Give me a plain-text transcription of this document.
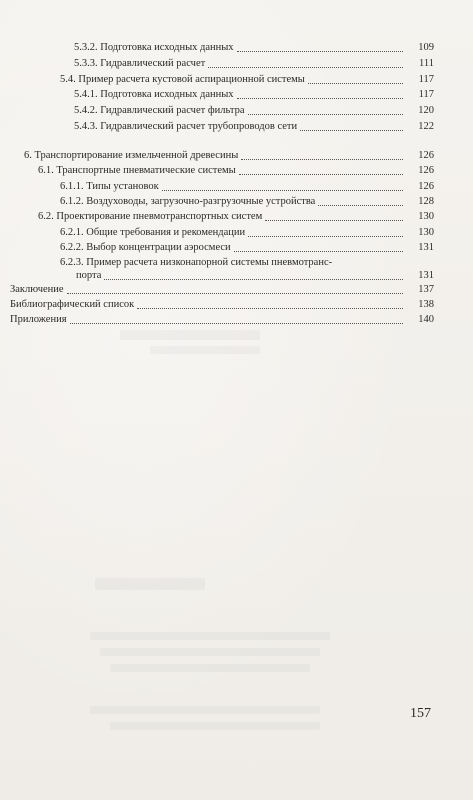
5.3.2. Подготовка исходных данных	109
5.3.3. Гидравлический расчет	111
5.4. Пример расчета кустовой аспирационной системы	117
5.4.1. Подготовка исходных данных	117
5.4.2. Гидравлический расчет фильтра	120
5.4.3. Гидравлический расчет трубопроводов сети	122
6. Транспортирование измельченной древесины	126
6.1. Транспортные пневматические системы	126
6.1.1. Типы установок	126
6.1.2. Воздуховоды, загрузочно-разгрузочные устройства	128
6.2. Проектирование пневмотранспортных систем	130
6.2.1. Общие требования и рекомендации	130
6.2.2. Выбор концентрации аэросмеси	131
6.2.3. Пример расчета низконапорной системы пневмотранс-
порта	131
Заключение	137
Библиографический список	138
Приложения	140
157
